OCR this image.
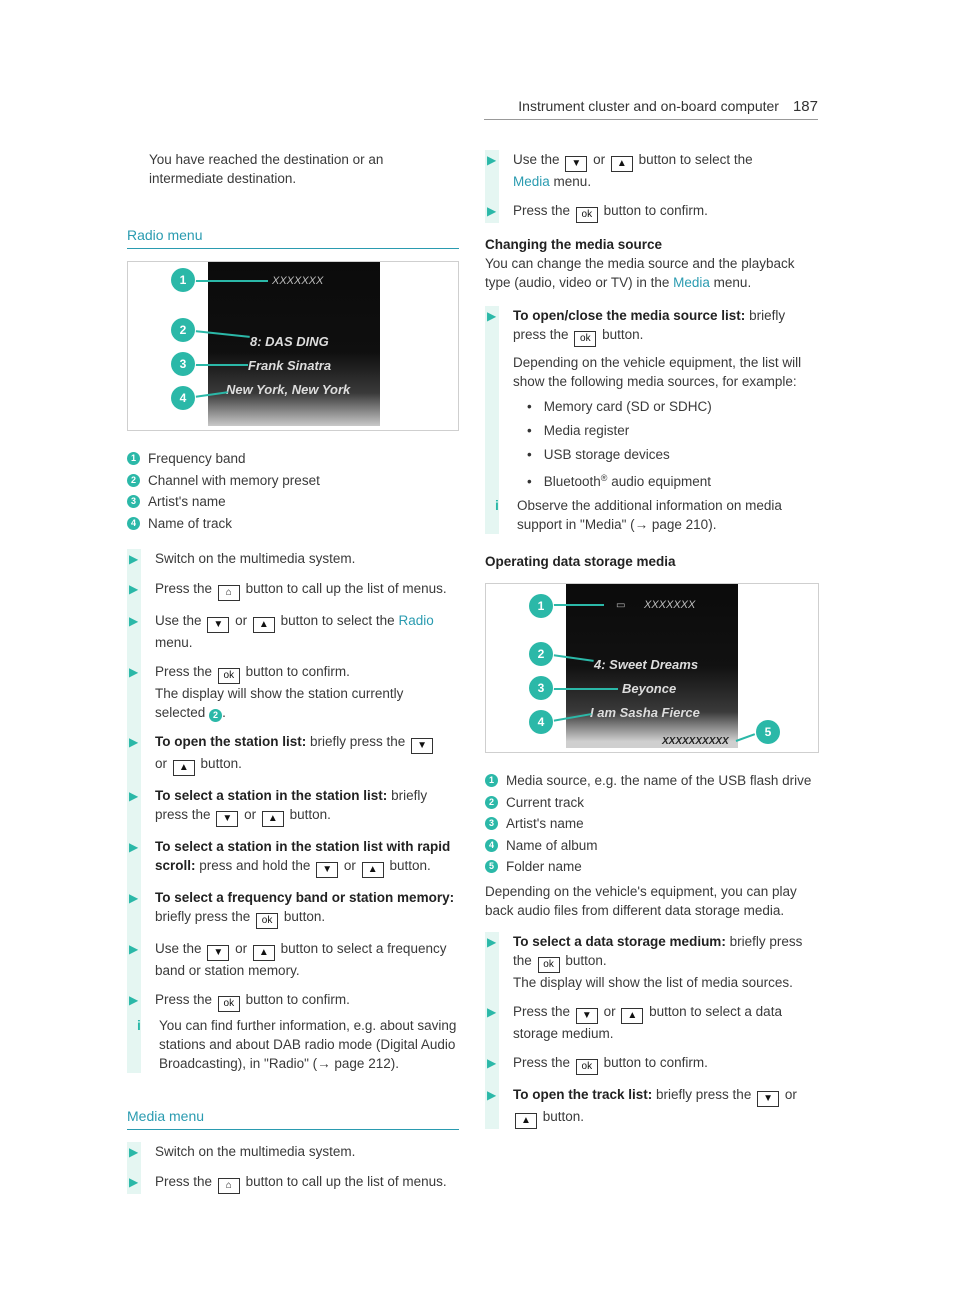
Instrument cluster and on-board computer 187

You have reached the destination or an intermediate destination.

Radio menu
XXXXXXX
8: DAS DING
Frank Sinatra
New York, New York
1
2
3
4
1 Frequency band
2 Channel with memory preset
3 Artist's name
4 Name of track
▶	Switch on the multimedia system.
▶	Press the ⌂ button to call up the list of menus.
▶	Use the ▼ or ▲ button to select the Radio menu.
▶	Press the ok button to confirm.
The display will show the station currently selected 2 .
▶	To open the station list: briefly press the ▼
or ▲ button.
▶	To select a station in the station list: briefly press the ▼ or ▲ button.
▶	To select a station in the station list with rapid scroll: press and hold the ▼ or ▲ button.
▶	To select a frequency band or station memory: briefly press the ok button.
▶	Use the ▼ or ▲ button to select a frequency band or station memory.
▶	Press the ok button to confirm.
i	You can find further information, e.g. about saving stations and about DAB radio mode (Digital Audio Broadcasting), in "Radio" (→ page 212).
Media menu
▶	Switch on the multimedia system.
▶	Press the ⌂ button to call up the list of menus.
▶	Use the ▼ or ▲ button to select the
Media menu.
▶	Press the ok button to confirm.
Changing the media source

You can change the media source and the playback type (audio, video or TV) in the Media menu.

▶	To open/close the media source list: briefly press the ok button.

Depending on the vehicle equipment, the list will show the following media sources, for example:

• Memory card (SD or SDHC)
• Media register
• USB storage devices
• Bluetooth® audio equipment
i	Observe the additional information on media support in "Media" (→ page 210).
Operating data storage media
▭ XXXXXXX
4: Sweet Dreams
Beyonce
I am Sasha Fierce
XXXXXXXXXX
1
2
3
4
5
1 Media source, e.g. the name of the USB flash drive
2 Current track
3 Artist's name
4 Name of album
5 Folder name

Depending on the vehicle's equipment, you can play back audio files from different data storage media.

▶	To select a data storage medium: briefly press the ok button.
The display will show the list of media sources.
▶	Press the ▼ or ▲ button to select a data storage medium.
▶	Press the ok button to confirm.
▶	To open the track list: briefly press the ▼ or
▲ button.
